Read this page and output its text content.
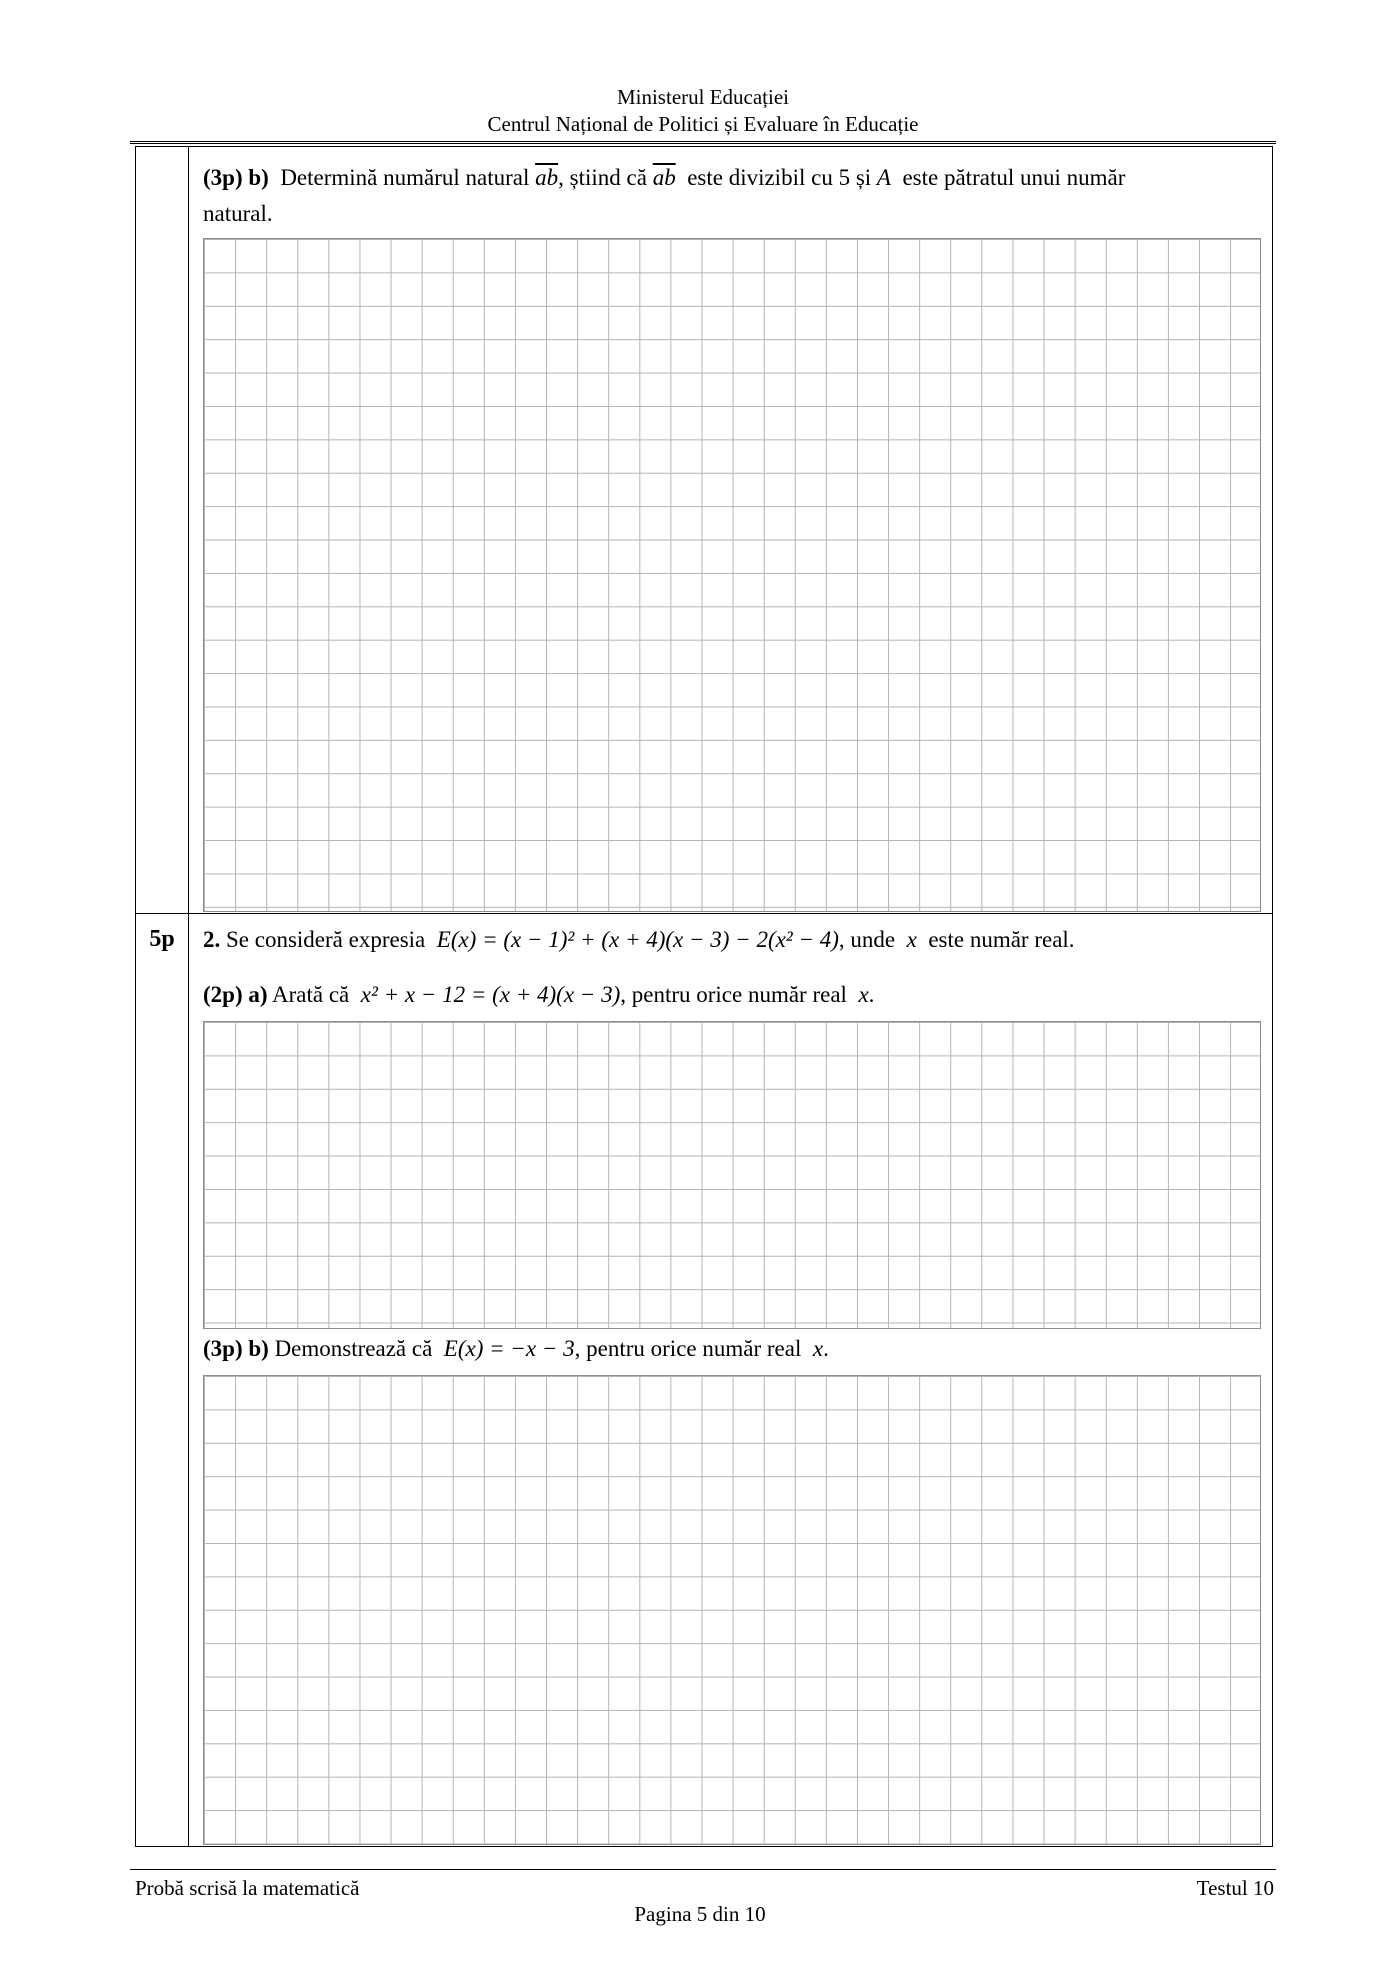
Ministerul Educației
Centrul Național de Politici și Evaluare în Educație
(3p) b) Determină numărul natural $\overline{ab}$, știind că $\overline{ab}$ este divizibil cu 5 și A este pătratul unui număr
natural.
5p	2. Se consideră expresia E(x) = (x − 1)² + (x + 4)(x − 3) − 2(x² − 4), unde x este număr real.
(2p) a) Arată că x² + x − 12 = (x + 4)(x − 3), pentru orice număr real x.
(3p) b) Demonstrează că E(x) = −x − 3, pentru orice număr real x.
Probă scrisă la matematică	Testul 10
Pagina 5 din 10
